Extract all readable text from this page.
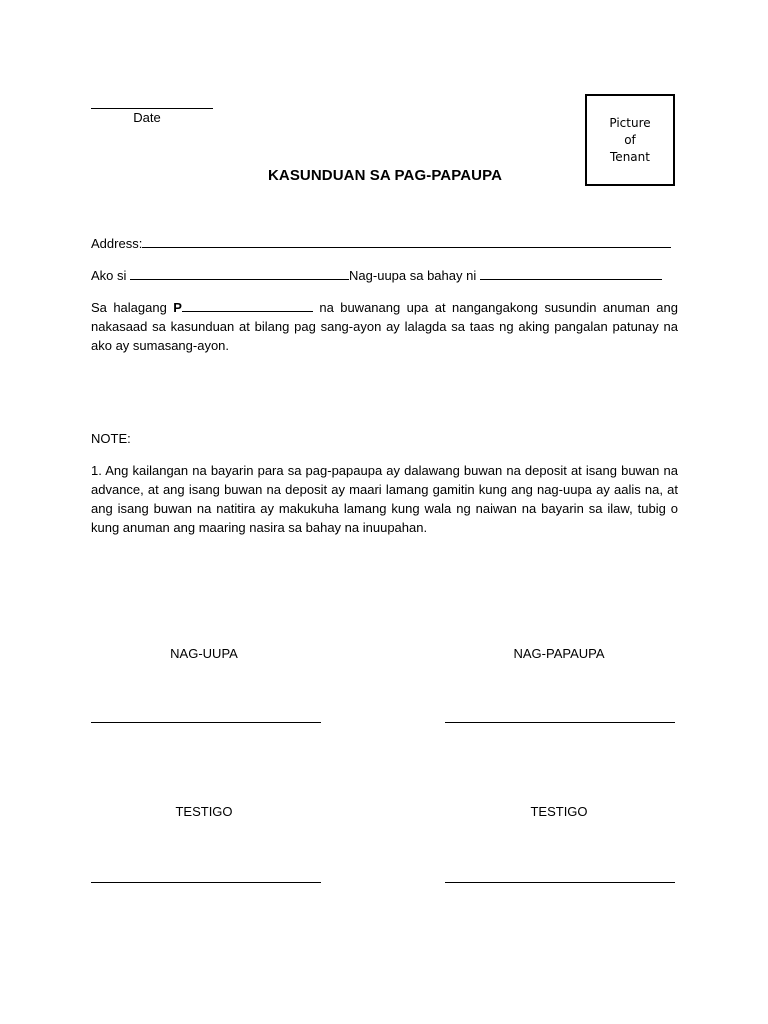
Date	Picture
of
Tenant
KASUNDUAN SA PAG-PAPAUPA
Address:
Ako si	Nag-uupa sa bahay ni
Sa halagang P	na buwanang upa at nangangakong susundin anuman ang nakasaad sa kasunduan at bilang pag sang-ayon ay lalagda sa taas ng aking pangalan patunay na ako ay sumasang-ayon.
NOTE:
1. Ang kailangan na bayarin para sa pag-papaupa ay dalawang buwan na deposit at isang buwan na advance, at ang isang buwan na deposit ay maari lamang gamitin kung ang nag-uupa ay aalis na, at ang isang buwan na natitira ay makukuha lamang kung wala ng naiwan na bayarin sa ilaw, tubig o kung anuman ang maaring nasira sa bahay na inuupahan.
NAG-UUPA	NAG-PAPAUPA
TESTIGO	TESTIGO
